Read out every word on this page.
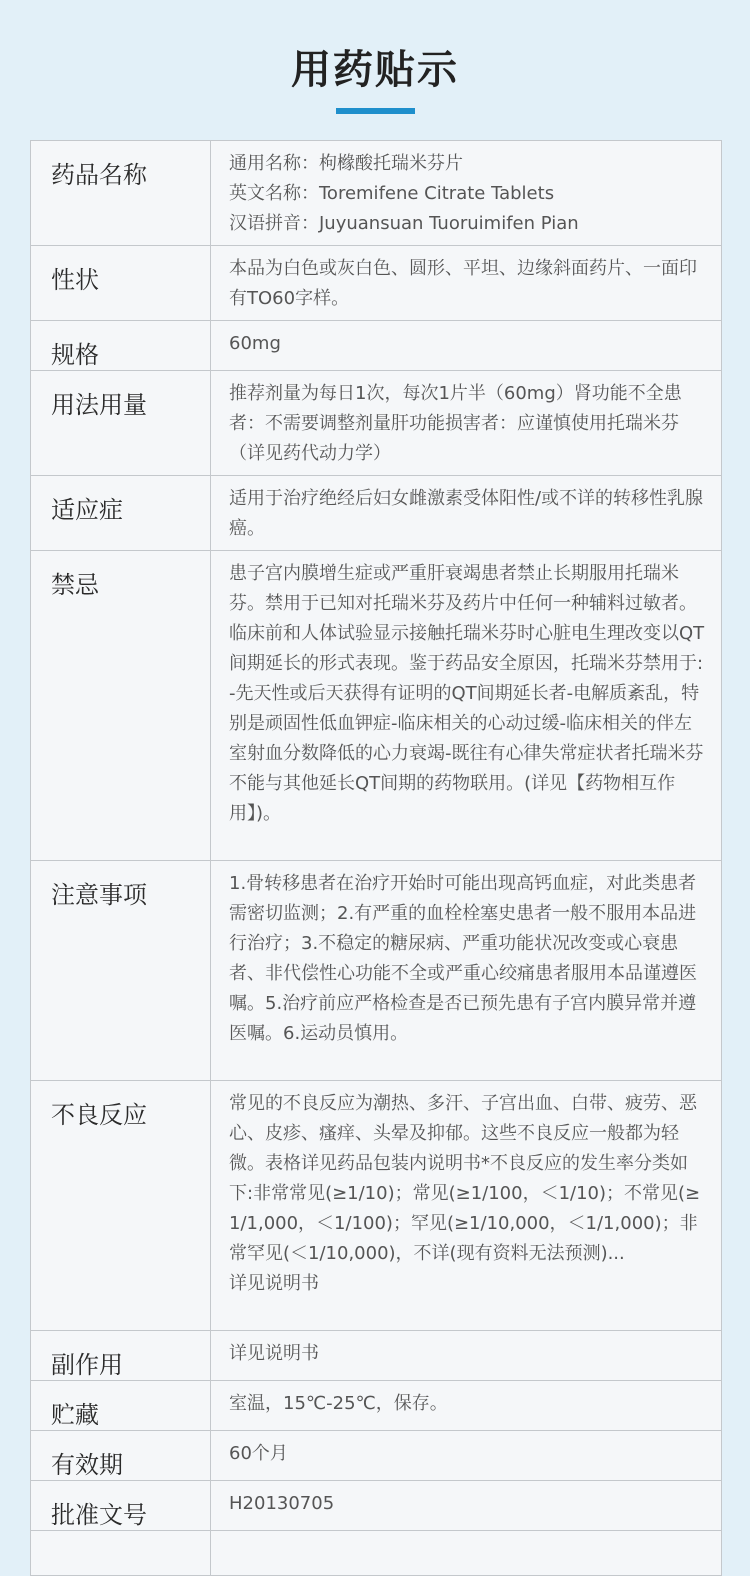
用药贴示
药品名称	通用名称：枸橼酸托瑞米芬片
英文名称：Toremifene Citrate Tablets
汉语拼音：Juyuansuan Tuoruimifen Pian

性状	本品为白色或灰白色、圆形、平坦、边缘斜面药片、一面印有TO60字样。
规格	60mg
用法用量	推荐剂量为每日1次，每次1片半（60mg）肾功能不全患者：不需要调整剂量肝功能损害者：应谨慎使用托瑞米芬（详见药代动力学）
适应症	适用于治疗绝经后妇女雌激素受体阳性/或不详的转移性乳腺癌。
禁忌	患子宫内膜增生症或严重肝衰竭患者禁止长期服用托瑞米芬。禁用于已知对托瑞米芬及药片中任何一种辅料过敏者。临床前和人体试验显示接触托瑞米芬时心脏电生理改变以QT间期延长的形式表现。鉴于药品安全原因，托瑞米芬禁用于:-先天性或后天获得有证明的QT间期延长者-电解质紊乱，特别是顽固性低血钾症-临床相关的心动过缓-临床相关的伴左室射血分数降低的心力衰竭-既往有心律失常症状者托瑞米芬不能与其他延长QT间期的药物联用。(详见【药物相互作用】)。
注意事项	1.骨转移患者在治疗开始时可能出现高钙血症，对此类患者需密切监测；2.有严重的血栓栓塞史患者一般不服用本品进行治疗；3.不稳定的糖尿病、严重功能状况改变或心衰患者、非代偿性心功能不全或严重心绞痛患者服用本品谨遵医嘱。5.治疗前应严格检查是否已预先患有子宫内膜异常并遵医嘱。6.运动员慎用。
不良反应	常见的不良反应为潮热、多汗、子宫出血、白带、疲劳、恶心、皮疹、瘙痒、头晕及抑郁。这些不良反应一般都为轻微。表格详见药品包装内说明书*不良反应的发生率分类如下:非常常见(≥1/10)；常见(≥1/100，＜1/10)；不常见(≥1/1,000，＜1/100)；罕见(≥1/10,000，＜1/1,000)；非常罕见(＜1/10,000)，不详(现有资料无法预测)...
详见说明书

副作用	详见说明书
贮藏	室温，15℃-25℃，保存。
有效期	60个月
批准文号	H20130705
